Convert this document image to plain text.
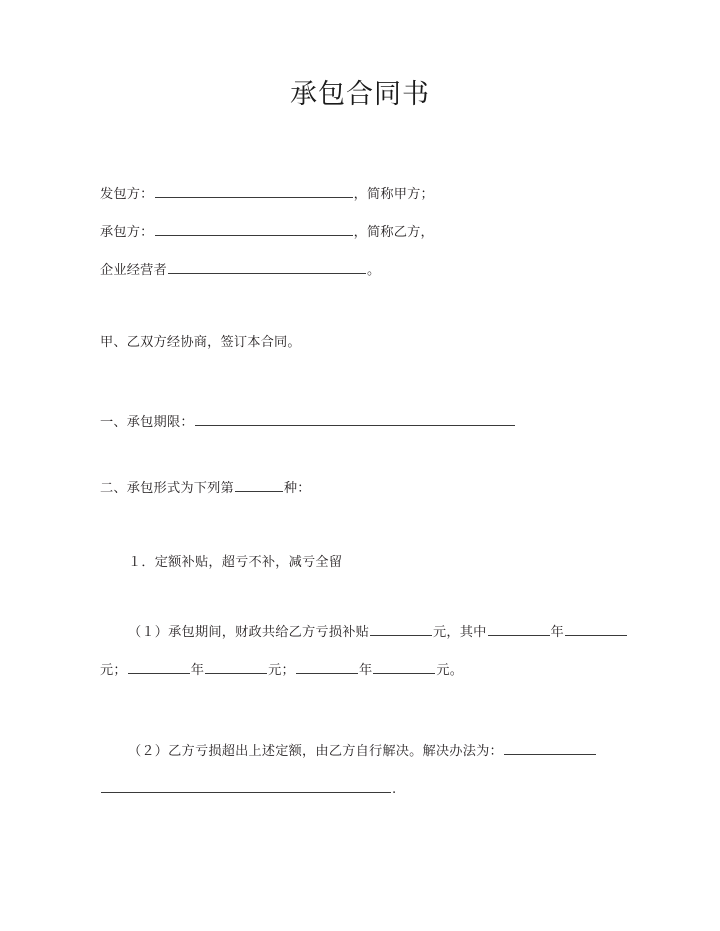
承包合同书
发包方：	，简称甲方；
承包方：	，简称乙方，
企业经营者	。
甲、乙双方经协商，签订本合同。
一、承包期限：
二、承包形式为下列第	种：
１．定额补贴，超亏不补，减亏全留
（１）承包期间，财政共给乙方亏损补贴	元，其中	年元；	年	元；	年	元。
（２）乙方亏损超出上述定额，由乙方自行解决。解决办法为：.
